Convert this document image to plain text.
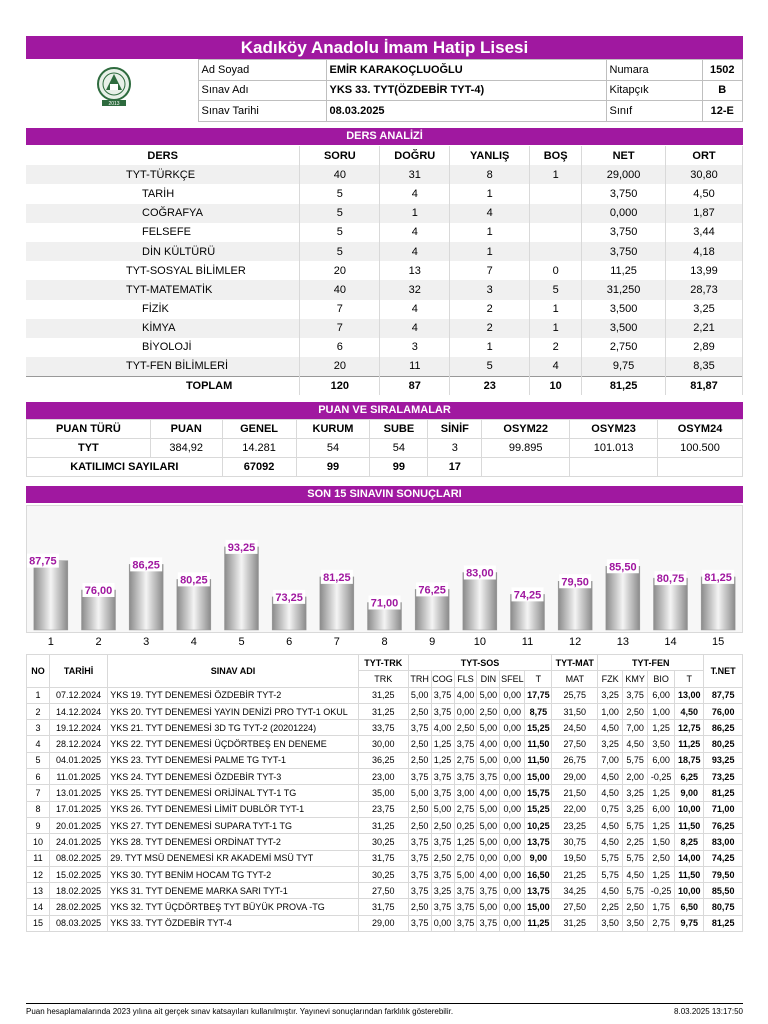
Kadıköy Anadolu İmam Hatip Lisesi
2013
	Ad Soyad	EMİR KARAKOÇLUOĞLU	Numara	1502
	Sınav Adı	YKS 33. TYT(ÖZDEBİR TYT-4)	Kitapçık	B
	Sınav Tarihi	08.03.2025	Sınıf	12-E
DERS ANALİZİ
DERS	SORU	DOĞRU	YANLIŞ	BOŞ	NET	ORT
TYT-TÜRKÇE	40	31	8	1	29,000	30,80
TARİH	5	4	1		3,750	4,50
COĞRAFYA	5	1	4		0,000	1,87
FELSEFE	5	4	1		3,750	3,44
DİN KÜLTÜRÜ	5	4	1		3,750	4,18
TYT-SOSYAL BİLİMLER	20	13	7	0	11,25	13,99
TYT-MATEMATİK	40	32	3	5	31,250	28,73
FİZİK	7	4	2	1	3,500	3,25
KİMYA	7	4	2	1	3,500	2,21
BİYOLOJİ	6	3	1	2	2,750	2,89
TYT-FEN BİLİMLERİ	20	11	5	4	9,75	8,35
TOPLAM	120	87	23	10	81,25	81,87
PUAN VE SIRALAMALAR
PUAN TÜRÜ	PUAN	GENEL	KURUM	SUBE	SİNİF	OSYM22	OSYM23	OSYM24
TYT	384,92	14.281	54	54	3	99.895	101.013	100.500
KATILIMCI SAYILARI		67092	99	99	17			
SON 15 SINAVIN SONUÇLARI
87,75
76,00
86,25
80,25
93,25
73,25
81,25
71,00
76,25
83,00
74,25
79,50
85,50
80,75 81,25
1	2	3	4	5	6	7	8	9	10	11	12	13	14	15
NO	TARİHİ	SINAV ADI	TYT-TRK	TYT-SOS						TYT-MAT	TYT-FEN				T.NET
			TRK	TRH	COG	FLS	DIN	SFEL	T	MAT	FZK	KMY	BIO	T	
1	07.12.2024	YKS 19. TYT DENEMESİ ÖZDEBİR TYT-2	31,25	5,00	3,75	4,00	5,00	0,00	17,75	25,75	3,25	3,75	6,00	13,00	87,75
2	14.12.2024	YKS 20. TYT DENEMESİ YAYIN DENİZİ PRO TYT-1 OKUL	31,25	2,50	3,75	0,00	2,50	0,00	8,75	31,50	1,00	2,50	1,00	4,50	76,00
3	19.12.2024	YKS 21. TYT DENEMESİ 3D TG TYT-2 (20201224)	33,75	3,75	4,00	2,50	5,00	0,00	15,25	24,50	4,50	7,00	1,25	12,75	86,25
4	28.12.2024	YKS 22. TYT DENEMESİ ÜÇDÖRTBEŞ EN DENEME	30,00	2,50	1,25	3,75	4,00	0,00	11,50	27,50	3,25	4,50	3,50	11,25	80,25
5	04.01.2025	YKS 23. TYT DENEMESİ PALME TG TYT-1	36,25	2,50	1,25	2,75	5,00	0,00	11,50	26,75	7,00	5,75	6,00	18,75	93,25
6	11.01.2025	YKS 24. TYT DENEMESİ ÖZDEBİR TYT-3	23,00	3,75	3,75	3,75	3,75	0,00	15,00	29,00	4,50	2,00	-0,25	6,25	73,25
7	13.01.2025	YKS 25. TYT DENEMESİ ORİJİNAL TYT-1 TG	35,00	5,00	3,75	3,00	4,00	0,00	15,75	21,50	4,50	3,25	1,25	9,00	81,25
8	17.01.2025	YKS 26. TYT DENEMESİ LİMİT DUBLÖR TYT-1	23,75	2,50	5,00	2,75	5,00	0,00	15,25	22,00	0,75	3,25	6,00	10,00	71,00
9	20.01.2025	YKS 27. TYT DENEMESİ SUPARA TYT-1 TG	31,25	2,50	2,50	0,25	5,00	0,00	10,25	23,25	4,50	5,75	1,25	11,50	76,25
10	24.01.2025	YKS 28. TYT DENEMESİ ORDİNAT TYT-2	30,25	3,75	3,75	1,25	5,00	0,00	13,75	30,75	4,50	2,25	1,50	8,25	83,00
11	08.02.2025	29. TYT MSÜ DENEMESİ KR AKADEMİ MSÜ TYT	31,75	3,75	2,50	2,75	0,00	0,00	9,00	19,50	5,75	5,75	2,50	14,00	74,25
12	15.02.2025	YKS 30. TYT BENİM HOCAM TG TYT-2	30,25	3,75	3,75	5,00	4,00	0,00	16,50	21,25	5,75	4,50	1,25	11,50	79,50
13	18.02.2025	YKS 31. TYT DENEME MARKA SARI TYT-1	27,50	3,75	3,25	3,75	3,75	0,00	13,75	34,25	4,50	5,75	-0,25	10,00	85,50
14	28.02.2025	YKS 32. TYT ÜÇDÖRTBEŞ TYT BÜYÜK PROVA -TG	31,75	2,50	3,75	3,75	5,00	0,00	15,00	27,50	2,25	2,50	1,75	6,50	80,75
15	08.03.2025	YKS 33. TYT ÖZDEBİR TYT-4	29,00	3,75	0,00	3,75	3,75	0,00	11,25	31,25	3,50	3,50	2,75	9,75	81,25
Puan hesaplamalarında 2023 yılına ait gerçek sınav katsayıları kullanılmıştır. Yayınevi sonuçlarından farklılık gösterebilir.	8.03.2025 13:17:50
